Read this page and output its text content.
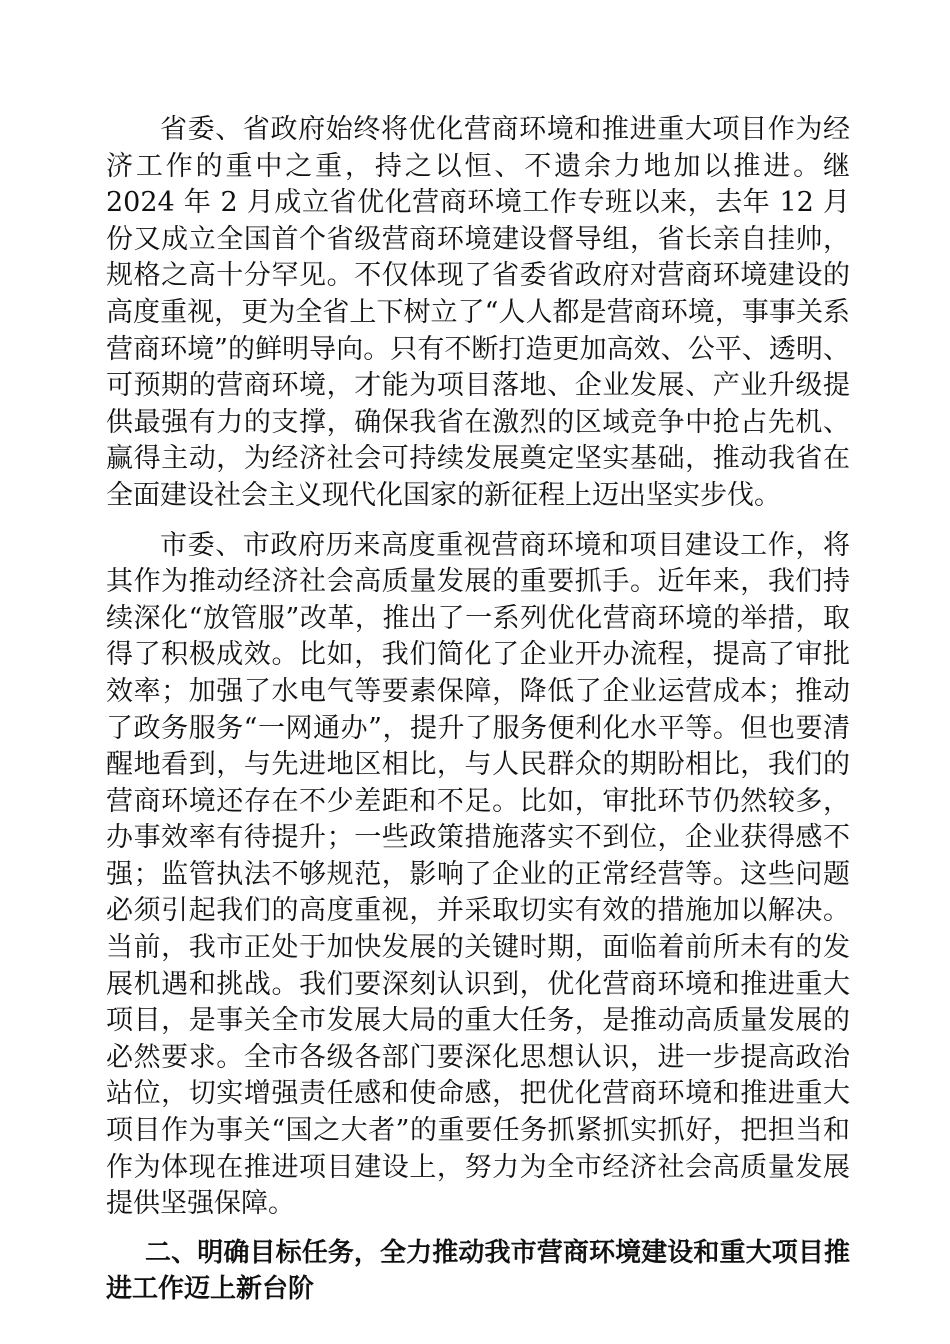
省委、省政府始终将优化营商环境和推进重大项目作为经济工作的重中之重，持之以恒、不遗余力地加以推进。继 2024 年 2 月成立省优化营商环境工作专班以来，去年 12 月份又成立全国首个省级营商环境建设督导组，省长亲自挂帅，规格之高十分罕见。不仅体现了省委省政府对营商环境建设的高度重视，更为全省上下树立了“人人都是营商环境，事事关系营商环境”的鲜明导向。只有不断打造更加高效、公平、透明、可预期的营商环境，才能为项目落地、企业发展、产业升级提供最强有力的支撑，确保我省在激烈的区域竞争中抢占先机、赢得主动，为经济社会可持续发展奠定坚实基础，推动我省在全面建设社会主义现代化国家的新征程上迈出坚实步伐。

市委、市政府历来高度重视营商环境和项目建设工作，将其作为推动经济社会高质量发展的重要抓手。近年来，我们持续深化“放管服”改革，推出了一系列优化营商环境的举措，取得了积极成效。比如，我们简化了企业开办流程，提高了审批效率；加强了水电气等要素保障，降低了企业运营成本；推动了政务服务“一网通办”，提升了服务便利化水平等。但也要清醒地看到，与先进地区相比，与人民群众的期盼相比，我们的营商环境还存在不少差距和不足。比如，审批环节仍然较多，办事效率有待提升；一些政策措施落实不到位，企业获得感不强；监管执法不够规范，影响了企业的正常经营等。这些问题必须引起我们的高度重视，并采取切实有效的措施加以解决。当前，我市正处于加快发展的关键时期，面临着前所未有的发展机遇和挑战。我们要深刻认识到，优化营商环境和推进重大项目，是事关全市发展大局的重大任务，是推动高质量发展的必然要求。全市各级各部门要深化思想认识，进一步提高政治站位，切实增强责任感和使命感，把优化营商环境和推进重大项目作为事关“国之大者”的重要任务抓紧抓实抓好，把担当和作为体现在推进项目建设上，努力为全市经济社会高质量发展提供坚强保障。

二、明确目标任务，全力推动我市营商环境建设和重大项目推进工作迈上新台阶
